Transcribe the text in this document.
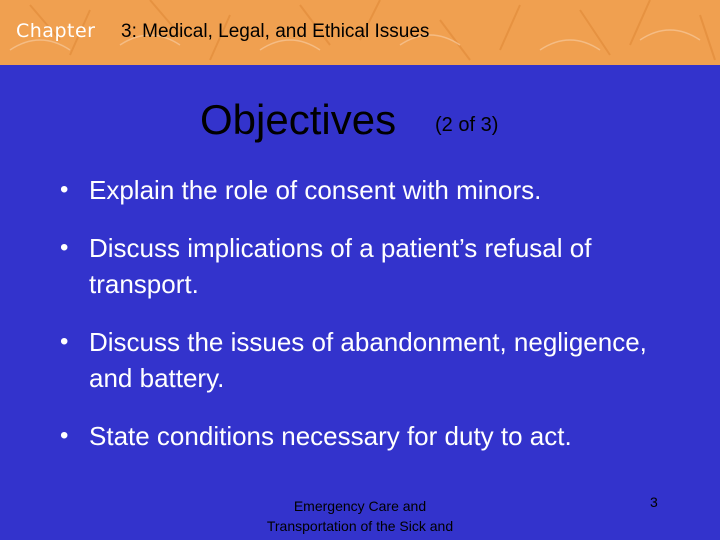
Chapter 3: Medical, Legal, and Ethical Issues
Objectives (2 of 3)
• Explain the role of consent with minors.
• Discuss implications of a patient’s refusal of transport.
• Discuss the issues of abandonment, negligence, and battery.
• State conditions necessary for duty to act.
Emergency Care and
Transportation of the Sick and
3
